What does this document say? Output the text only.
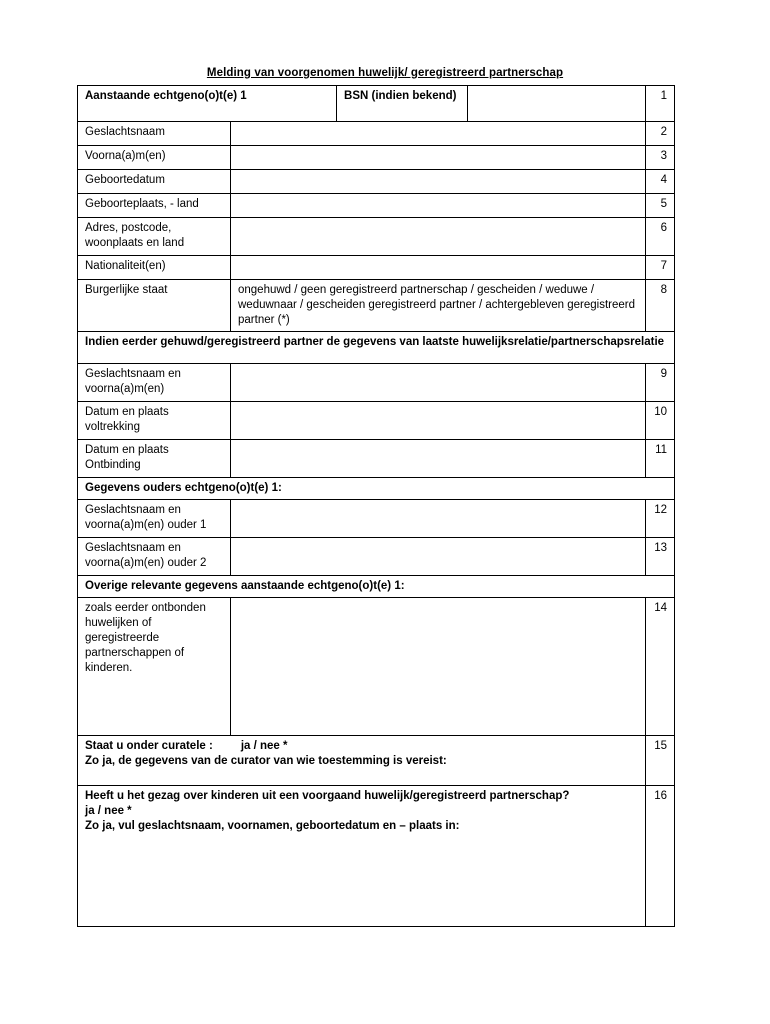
Melding van voorgenomen huwelijk/ geregistreerd partnerschap
Aanstaande echtgeno(o)t(e) 1		BSN (indien bekend)		1
Geslachtsnaam				2
Voorna(a)m(en)				3
Geboortedatum				4
Geboorteplaats, - land				5
Adres, postcode, woonplaats en land				6
Nationaliteit(en)				7
Burgerlijke staat	ongehuwd / geen geregistreerd partnerschap / gescheiden / weduwe / weduwnaar / gescheiden geregistreerd partner / achtergebleven geregistreerd partner (*)			8
Indien eerder gehuwd/geregistreerd partner de gegevens van laatste huwelijksrelatie/partnerschapsrelatie				
Geslachtsnaam en voorna(a)m(en)				9
Datum en plaats voltrekking				10
Datum en plaats Ontbinding				11
Gegevens ouders echtgeno(o)t(e) 1:				
Geslachtsnaam en voorna(a)m(en) ouder 1				12
Geslachtsnaam en voorna(a)m(en) ouder 2				13
Overige relevante gegevens aanstaande echtgeno(o)t(e) 1:				
zoals eerder ontbonden huwelijken of geregistreerde partnerschappen of kinderen.				14
Staat u onder curatele : ja / nee *
Zo ja, de gegevens van de curator van wie toestemming is vereist:				15
Heeft u het gezag over kinderen uit een voorgaand huwelijk/geregistreerd partnerschap?
ja / nee *
Zo ja, vul geslachtsnaam, voornamen, geboortedatum en – plaats in:				16
